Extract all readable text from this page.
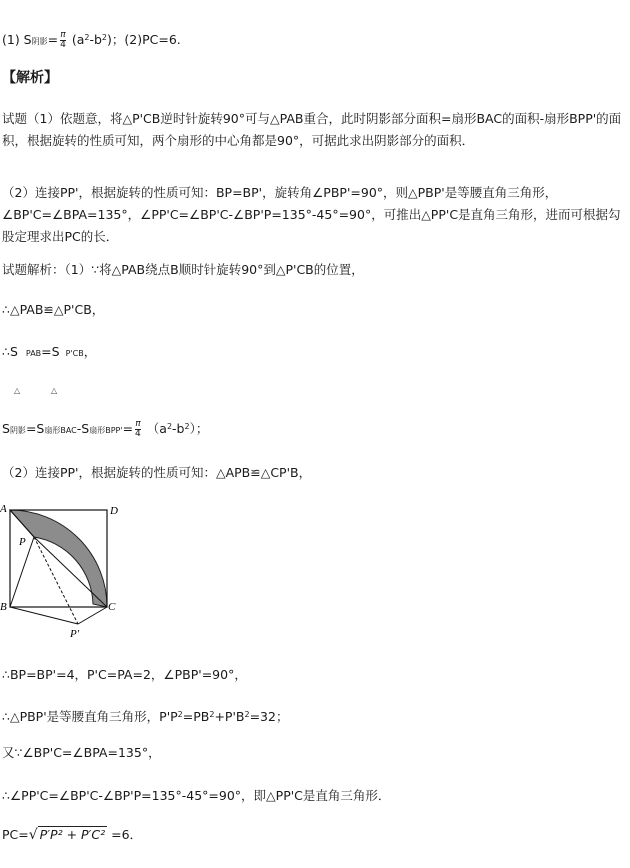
(1) S阴影= $\frac{\pi}{4} (a^2-b^2)$；(2)PC=6.
【解析】
试题（1）依题意，将△P'CB逆时针旋转90°可与△PAB重合，此时阴影部分面积=扇形BAC的面积-扇形BPP'的面积，根据旋转的性质可知，两个扇形的中心角都是90°，可据此求出阴影部分的面积．
（2）连接PP'，根据旋转的性质可知：BP=BP'，旋转角∠PBP'=90°，则△PBP'是等腰直角三角形，∠BP'C=∠BPA=135°，∠PP'C=∠BP'C-∠BP'P=135°-45°=90°，可推出△PP'C是直角三角形，进而可根据勾股定理求出PC的长．
试题解析：（1）∵将△PAB绕点B顺时针旋转90°到△P'CB的位置，
∴△PAB≌△P'CB，
∴S PAB=S P'CB，
△	△
S阴影=S扇形BAC-S扇形$BPP'= \frac{\pi}{4} (a^2-b^2)$；
（2）连接PP'，根据旋转的性质可知：△APB≌△CP'B，
A	D
P
B	C
P'
∴BP=BP'=4，P'C=PA=2，∠PBP'=90°，
∴△PBP'是等腰直角三角形，$P'P^2=PB^2+P'B^2=32$；
又∵∠BP'C=∠BPA=135°，
∴∠PP'C=∠BP'C-∠BP'P=135°-45°=90°，即△PP'C是直角三角形．
PC=√ P′P² + P′C² =6．
